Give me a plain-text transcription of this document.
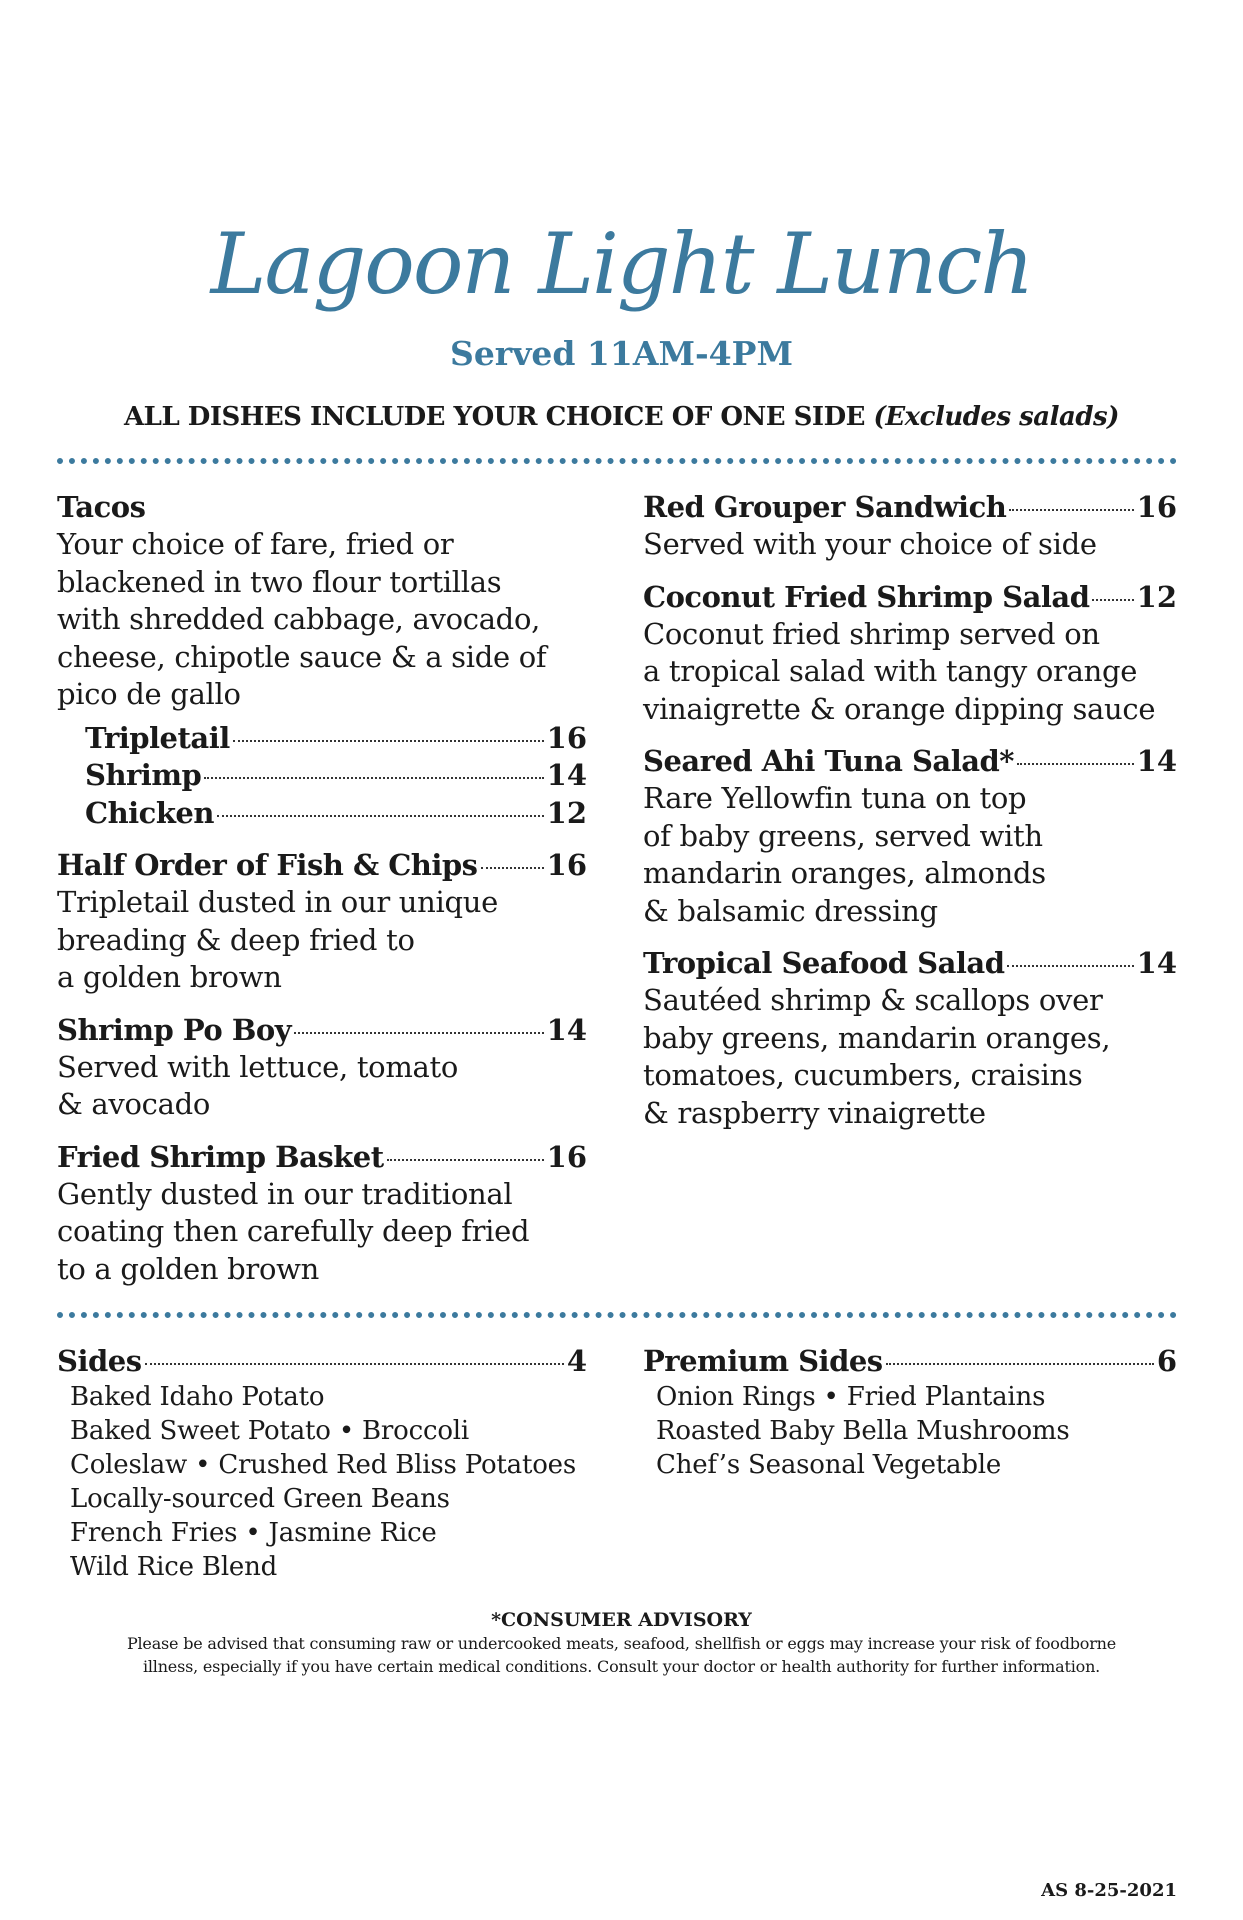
Lagoon Light Lunch
Served 11AM-4PM
ALL DISHES INCLUDE YOUR CHOICE OF ONE SIDE (Excludes salads)
Tacos
Your choice of fare, fried or
blackened in two flour tortillas
with shredded cabbage, avocado,
cheese, chipotle sauce & a side of
pico de gallo
Tripletail	16
Shrimp	14
Chicken	12
Half Order of Fish & Chips 16
Tripletail dusted in our unique
breading & deep fried to
a golden brown
Shrimp Po Boy	14
Served with lettuce, tomato
& avocado
Fried Shrimp Basket	16
Gently dusted in our traditional
coating then carefully deep fried
to a golden brown
Red Grouper Sandwich	16
Served with your choice of side
Coconut Fried Shrimp Salad 12
Coconut fried shrimp served on
a tropical salad with tangy orange
vinaigrette & orange dipping sauce
Seared Ahi Tuna Salad*	14
Rare Yellowfin tuna on top
of baby greens, served with
mandarin oranges, almonds
& balsamic dressing
Tropical Seafood Salad	14
Sautéed shrimp & scallops over
baby greens, mandarin oranges,
tomatoes, cucumbers, craisins
& raspberry vinaigrette
Sides	4
Baked Idaho Potato
Baked Sweet Potato • Broccoli
Coleslaw • Crushed Red Bliss Potatoes
Locally-sourced Green Beans
French Fries • Jasmine Rice
Wild Rice Blend
Premium Sides	6
Onion Rings • Fried Plantains
Roasted Baby Bella Mushrooms
Chef’s Seasonal Vegetable
*CONSUMER ADVISORY
Please be advised that consuming raw or undercooked meats, seafood, shellfish or eggs may increase your risk of foodborne
illness, especially if you have certain medical conditions. Consult your doctor or health authority for further information.
AS 8-25-2021
